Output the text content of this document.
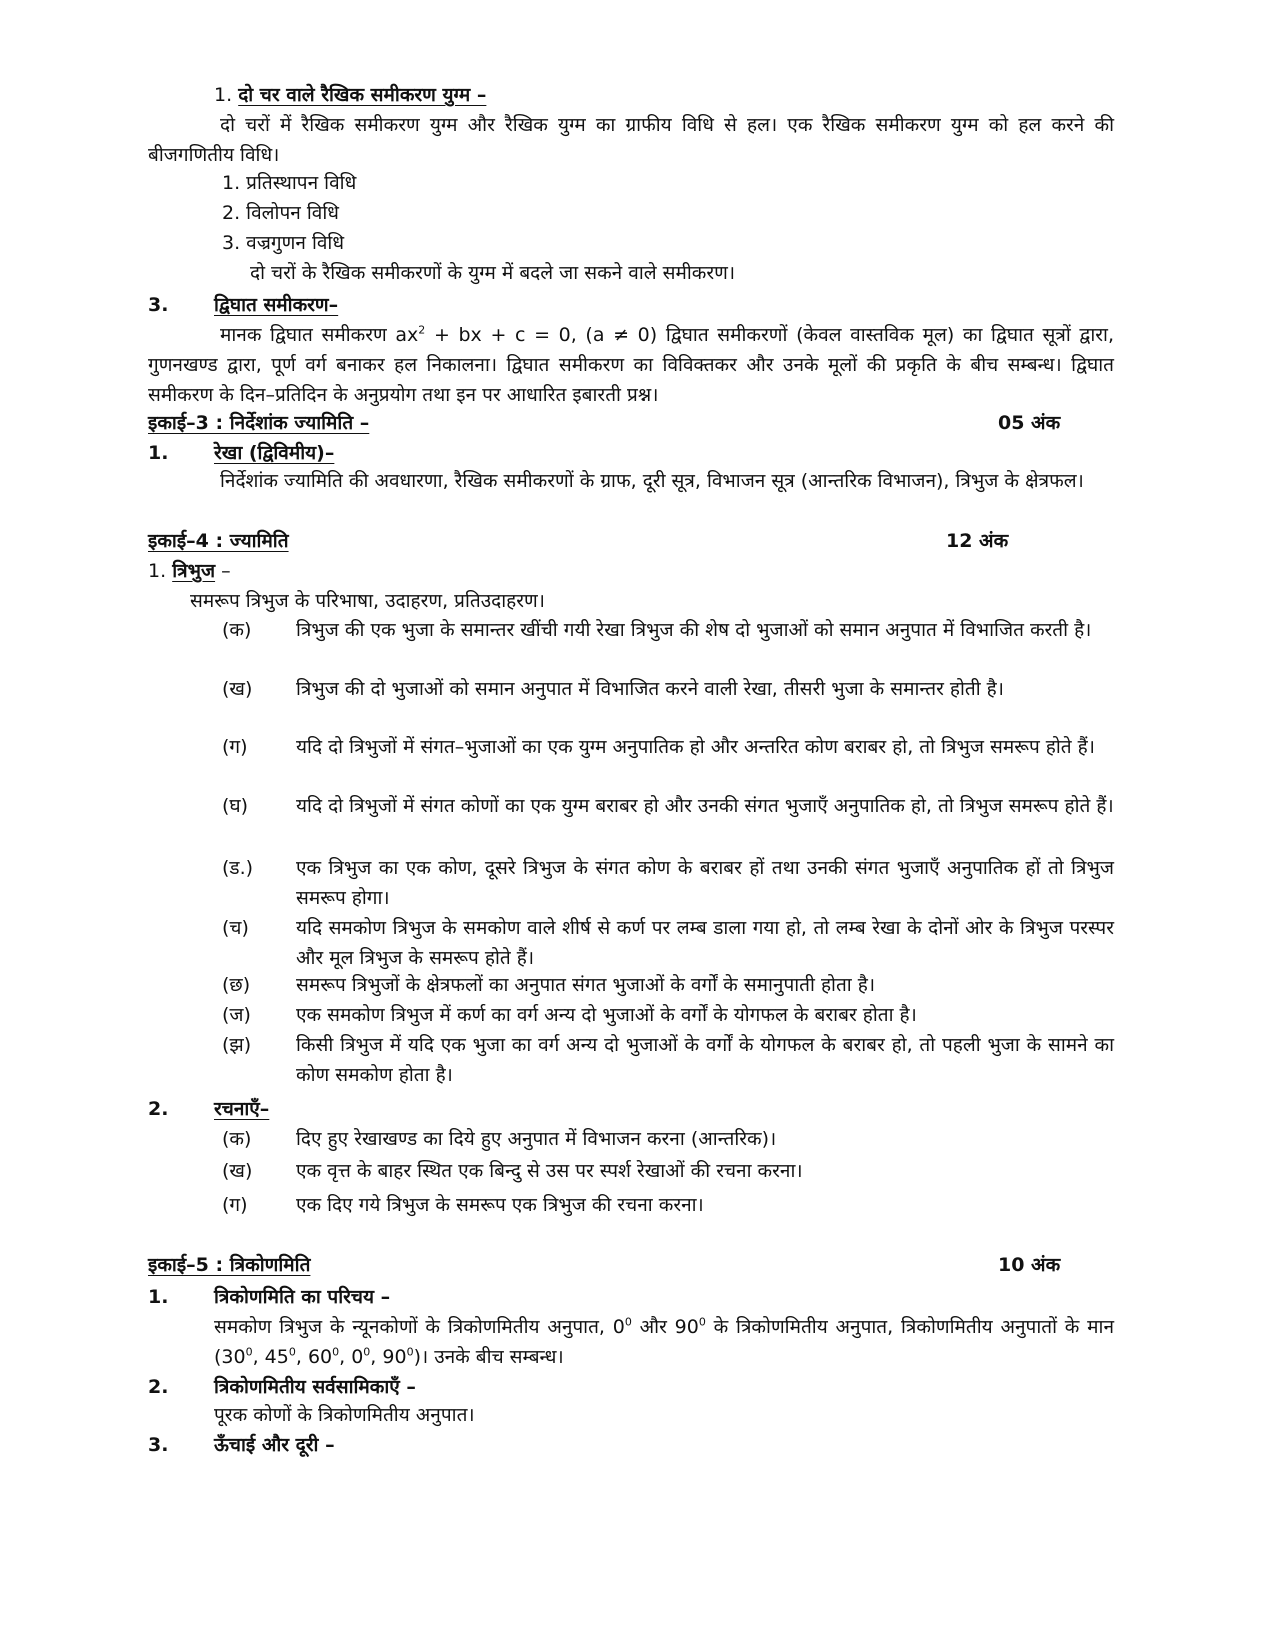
1. दो चर वाले रैखिक समीकरण युग्म –
दो चरों में रैखिक समीकरण युग्म और रैखिक युग्म का ग्राफीय विधि से हल। एक रैखिक समीकरण युग्म को हल करने की बीजगणितीय विधि।
1. प्रतिस्थापन विधि
2. विलोपन विधि
3. वज्रगुणन विधि
दो चरों के रैखिक समीकरणों के युग्म में बदले जा सकने वाले समीकरण।
3. द्विघात समीकरण–
मानक द्विघात समीकरण $ax^2$ + bx + c = 0, (a ≠ 0) द्विघात समीकरणों (केवल वास्तविक मूल) का द्विघात सूत्रों द्वारा, गुणनखण्ड द्वारा, पूर्ण वर्ग बनाकर हल निकालना। द्विघात समीकरण का विविक्तकर और उनके मूलों की प्रकृति के बीच सम्बन्ध। द्विघात समीकरण के दिन–प्रतिदिन के अनुप्रयोग तथा इन पर आधारित इबारती प्रश्न।
इकाई–3 : निर्देशांक ज्यामिति –	05 अंक
1. रेखा (द्विविमीय)–
निर्देशांक ज्यामिति की अवधारणा, रैखिक समीकरणों के ग्राफ, दूरी सूत्र, विभाजन सूत्र (आन्तरिक विभाजन), त्रिभुज के क्षेत्रफल।
इकाई–4 : ज्यामिति	12 अंक
1. त्रिभुज –
समरूप त्रिभुज के परिभाषा, उदाहरण, प्रतिउदाहरण।
(क)	त्रिभुज की एक भुजा के समान्तर खींची गयी रेखा त्रिभुज की शेष दो भुजाओं को समान अनुपात में विभाजित करती है।
(ख)	त्रिभुज की दो भुजाओं को समान अनुपात में विभाजित करने वाली रेखा, तीसरी भुजा के समान्तर होती है।
(ग)	यदि दो त्रिभुजों में संगत–भुजाओं का एक युग्म अनुपातिक हो और अन्तरित कोण बराबर हो, तो त्रिभुज समरूप होते हैं।
(घ)	यदि दो त्रिभुजों में संगत कोणों का एक युग्म बराबर हो और उनकी संगत भुजाएँ अनुपातिक हो, तो त्रिभुज समरूप होते हैं।
(ड.)	एक त्रिभुज का एक कोण, दूसरे त्रिभुज के संगत कोण के बराबर हों तथा उनकी संगत भुजाएँ अनुपातिक हों तो त्रिभुज समरूप होगा।
(च)	यदि समकोण त्रिभुज के समकोण वाले शीर्ष से कर्ण पर लम्ब डाला गया हो, तो लम्ब रेखा के दोनों ओर के त्रिभुज परस्पर और मूल त्रिभुज के समरूप होते हैं।
(छ)	समरूप त्रिभुजों के क्षेत्रफलों का अनुपात संगत भुजाओं के वर्गों के समानुपाती होता है।
(ज)	एक समकोण त्रिभुज में कर्ण का वर्ग अन्य दो भुजाओं के वर्गों के योगफल के बराबर होता है।
(झ)	किसी त्रिभुज में यदि एक भुजा का वर्ग अन्य दो भुजाओं के वर्गों के योगफल के बराबर हो, तो पहली भुजा के सामने का कोण समकोण होता है।
2. रचनाएँ–
(क)	दिए हुए रेखाखण्ड का दिये हुए अनुपात में विभाजन करना (आन्तरिक)।
(ख)	एक वृत्त के बाहर स्थित एक बिन्दु से उस पर स्पर्श रेखाओं की रचना करना।
(ग)	एक दिए गये त्रिभुज के समरूप एक त्रिभुज की रचना करना।
इकाई–5 : त्रिकोणमिति	10 अंक
1. त्रिकोणमिति का परिचय –
समकोण त्रिभुज के न्यूनकोणों के त्रिकोणमितीय अनुपात, $0^0$ और $90^0$ के त्रिकोणमितीय अनुपात, त्रिकोणमितीय अनुपातों के मान ($30^0$, $45^0$, $60^0$, $0^0$, $90^0)।$ उनके बीच सम्बन्ध।
2. त्रिकोणमितीय सर्वसामिकाएँ –
पूरक कोणों के त्रिकोणमितीय अनुपात।
3. ऊँचाई और दूरी –
